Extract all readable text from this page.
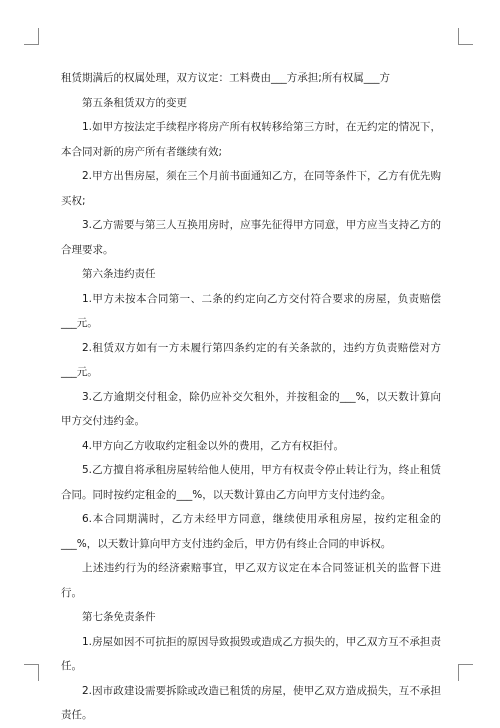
租赁期满后的权属处理，双方议定：工料费由___方承担;所有权属___方

第五条租赁双方的变更

1.如甲方按法定手续程序将房产所有权转移给第三方时，在无约定的情况下，本合同对新的房产所有者继续有效;

2.甲方出售房屋，须在三个月前书面通知乙方，在同等条件下，乙方有优先购买权;

3.乙方需要与第三人互换用房时，应事先征得甲方同意，甲方应当支持乙方的合理要求。

第六条违约责任

1.甲方未按本合同第一、二条的约定向乙方交付符合要求的房屋，负责赔偿___元。

2.租赁双方如有一方未履行第四条约定的有关条款的，违约方负责赔偿对方___元。

3.乙方逾期交付租金，除仍应补交欠租外，并按租金的___%，以天数计算向甲方交付违约金。

4.甲方向乙方收取约定租金以外的费用，乙方有权拒付。

5.乙方擅自将承租房屋转给他人使用，甲方有权责令停止转让行为，终止租赁合同。同时按约定租金的___%，以天数计算由乙方向甲方支付违约金。

6.本合同期满时，乙方未经甲方同意，继续使用承租房屋，按约定租金的___%，以天数计算向甲方支付违约金后，甲方仍有终止合同的申诉权。

上述违约行为的经济索赔事宜，甲乙双方议定在本合同签证机关的监督下进行。

第七条免责条件

1.房屋如因不可抗拒的原因导致损毁或造成乙方损失的，甲乙双方互不承担责任。

2.因市政建设需要拆除或改造已租赁的房屋，使甲乙双方造成损失，互不承担责任。
